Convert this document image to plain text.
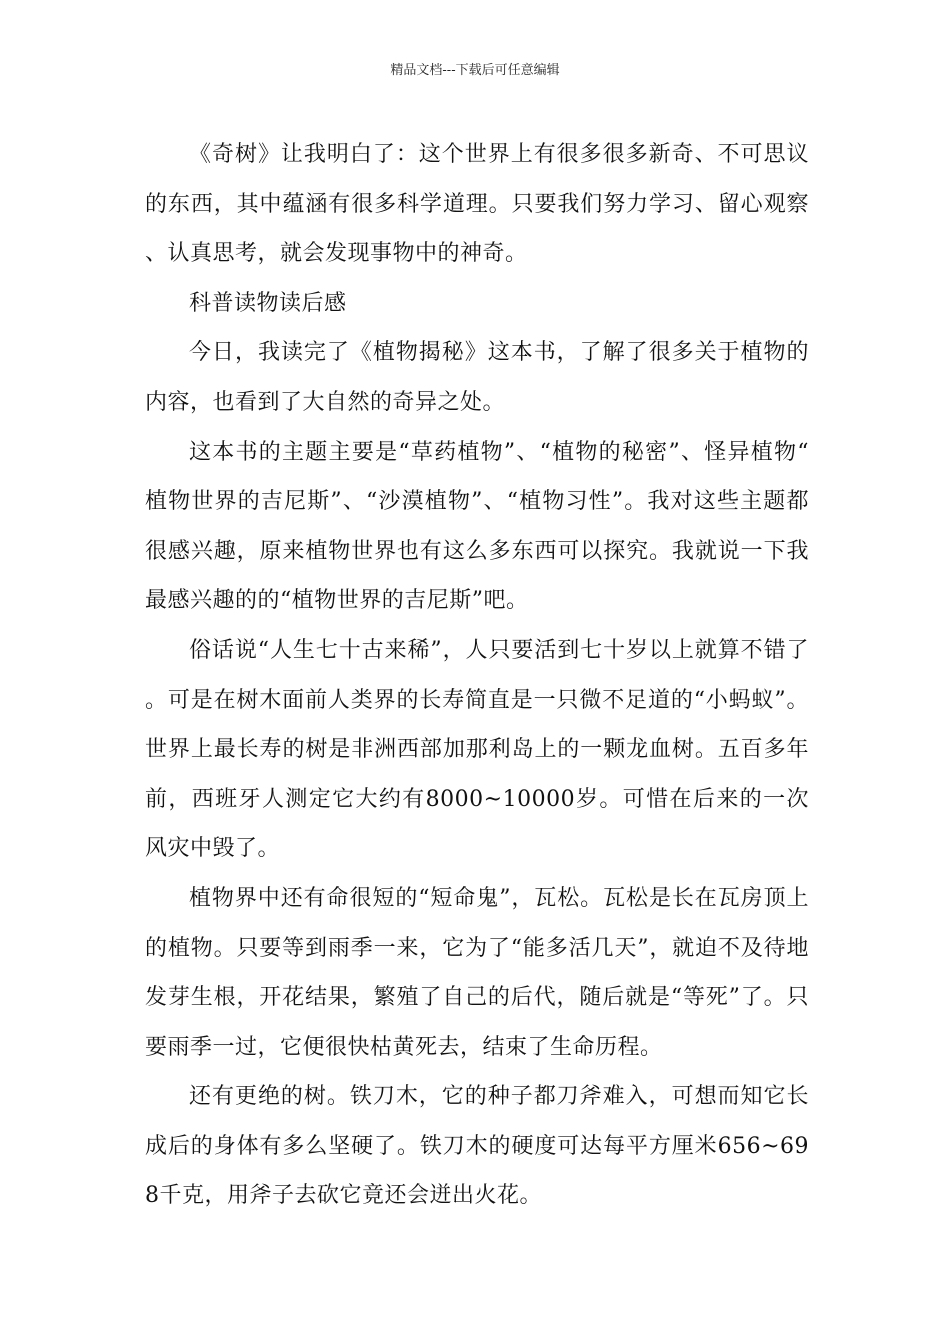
精品文档---下载后可任意编辑

《奇树》让我明白了：这个世界上有很多很多新奇、不可思议的东西，其中蕴涵有很多科学道理。只要我们努力学习、留心观察、认真思考，就会发现事物中的神奇。

科普读物读后感

今日，我读完了《植物揭秘》这本书，了解了很多关于植物的内容，也看到了大自然的奇异之处。

这本书的主题主要是“草药植物”、“植物的秘密”、怪异植物“植物世界的吉尼斯”、“沙漠植物”、“植物习性”。我对这些主题都很感兴趣，原来植物世界也有这么多东西可以探究。我就说一下我最感兴趣的的“植物世界的吉尼斯”吧。

俗话说“人生七十古来稀”，人只要活到七十岁以上就算不错了。可是在树木面前人类界的长寿简直是一只微不足道的“小蚂蚁”。世界上最长寿的树是非洲西部加那利岛上的一颗龙血树。五百多年前，西班牙人测定它大约有8000~10000岁。可惜在后来的一次风灾中毁了。

植物界中还有命很短的“短命鬼”，瓦松。瓦松是长在瓦房顶上的植物。只要等到雨季一来，它为了“能多活几天”，就迫不及待地发芽生根，开花结果，繁殖了自己的后代，随后就是“等死”了。只要雨季一过，它便很快枯黄死去，结束了生命历程。

还有更绝的树。铁刀木，它的种子都刀斧难入，可想而知它长成后的身体有多么坚硬了。铁刀木的硬度可达每平方厘米656~698千克，用斧子去砍它竟还会迸出火花。
